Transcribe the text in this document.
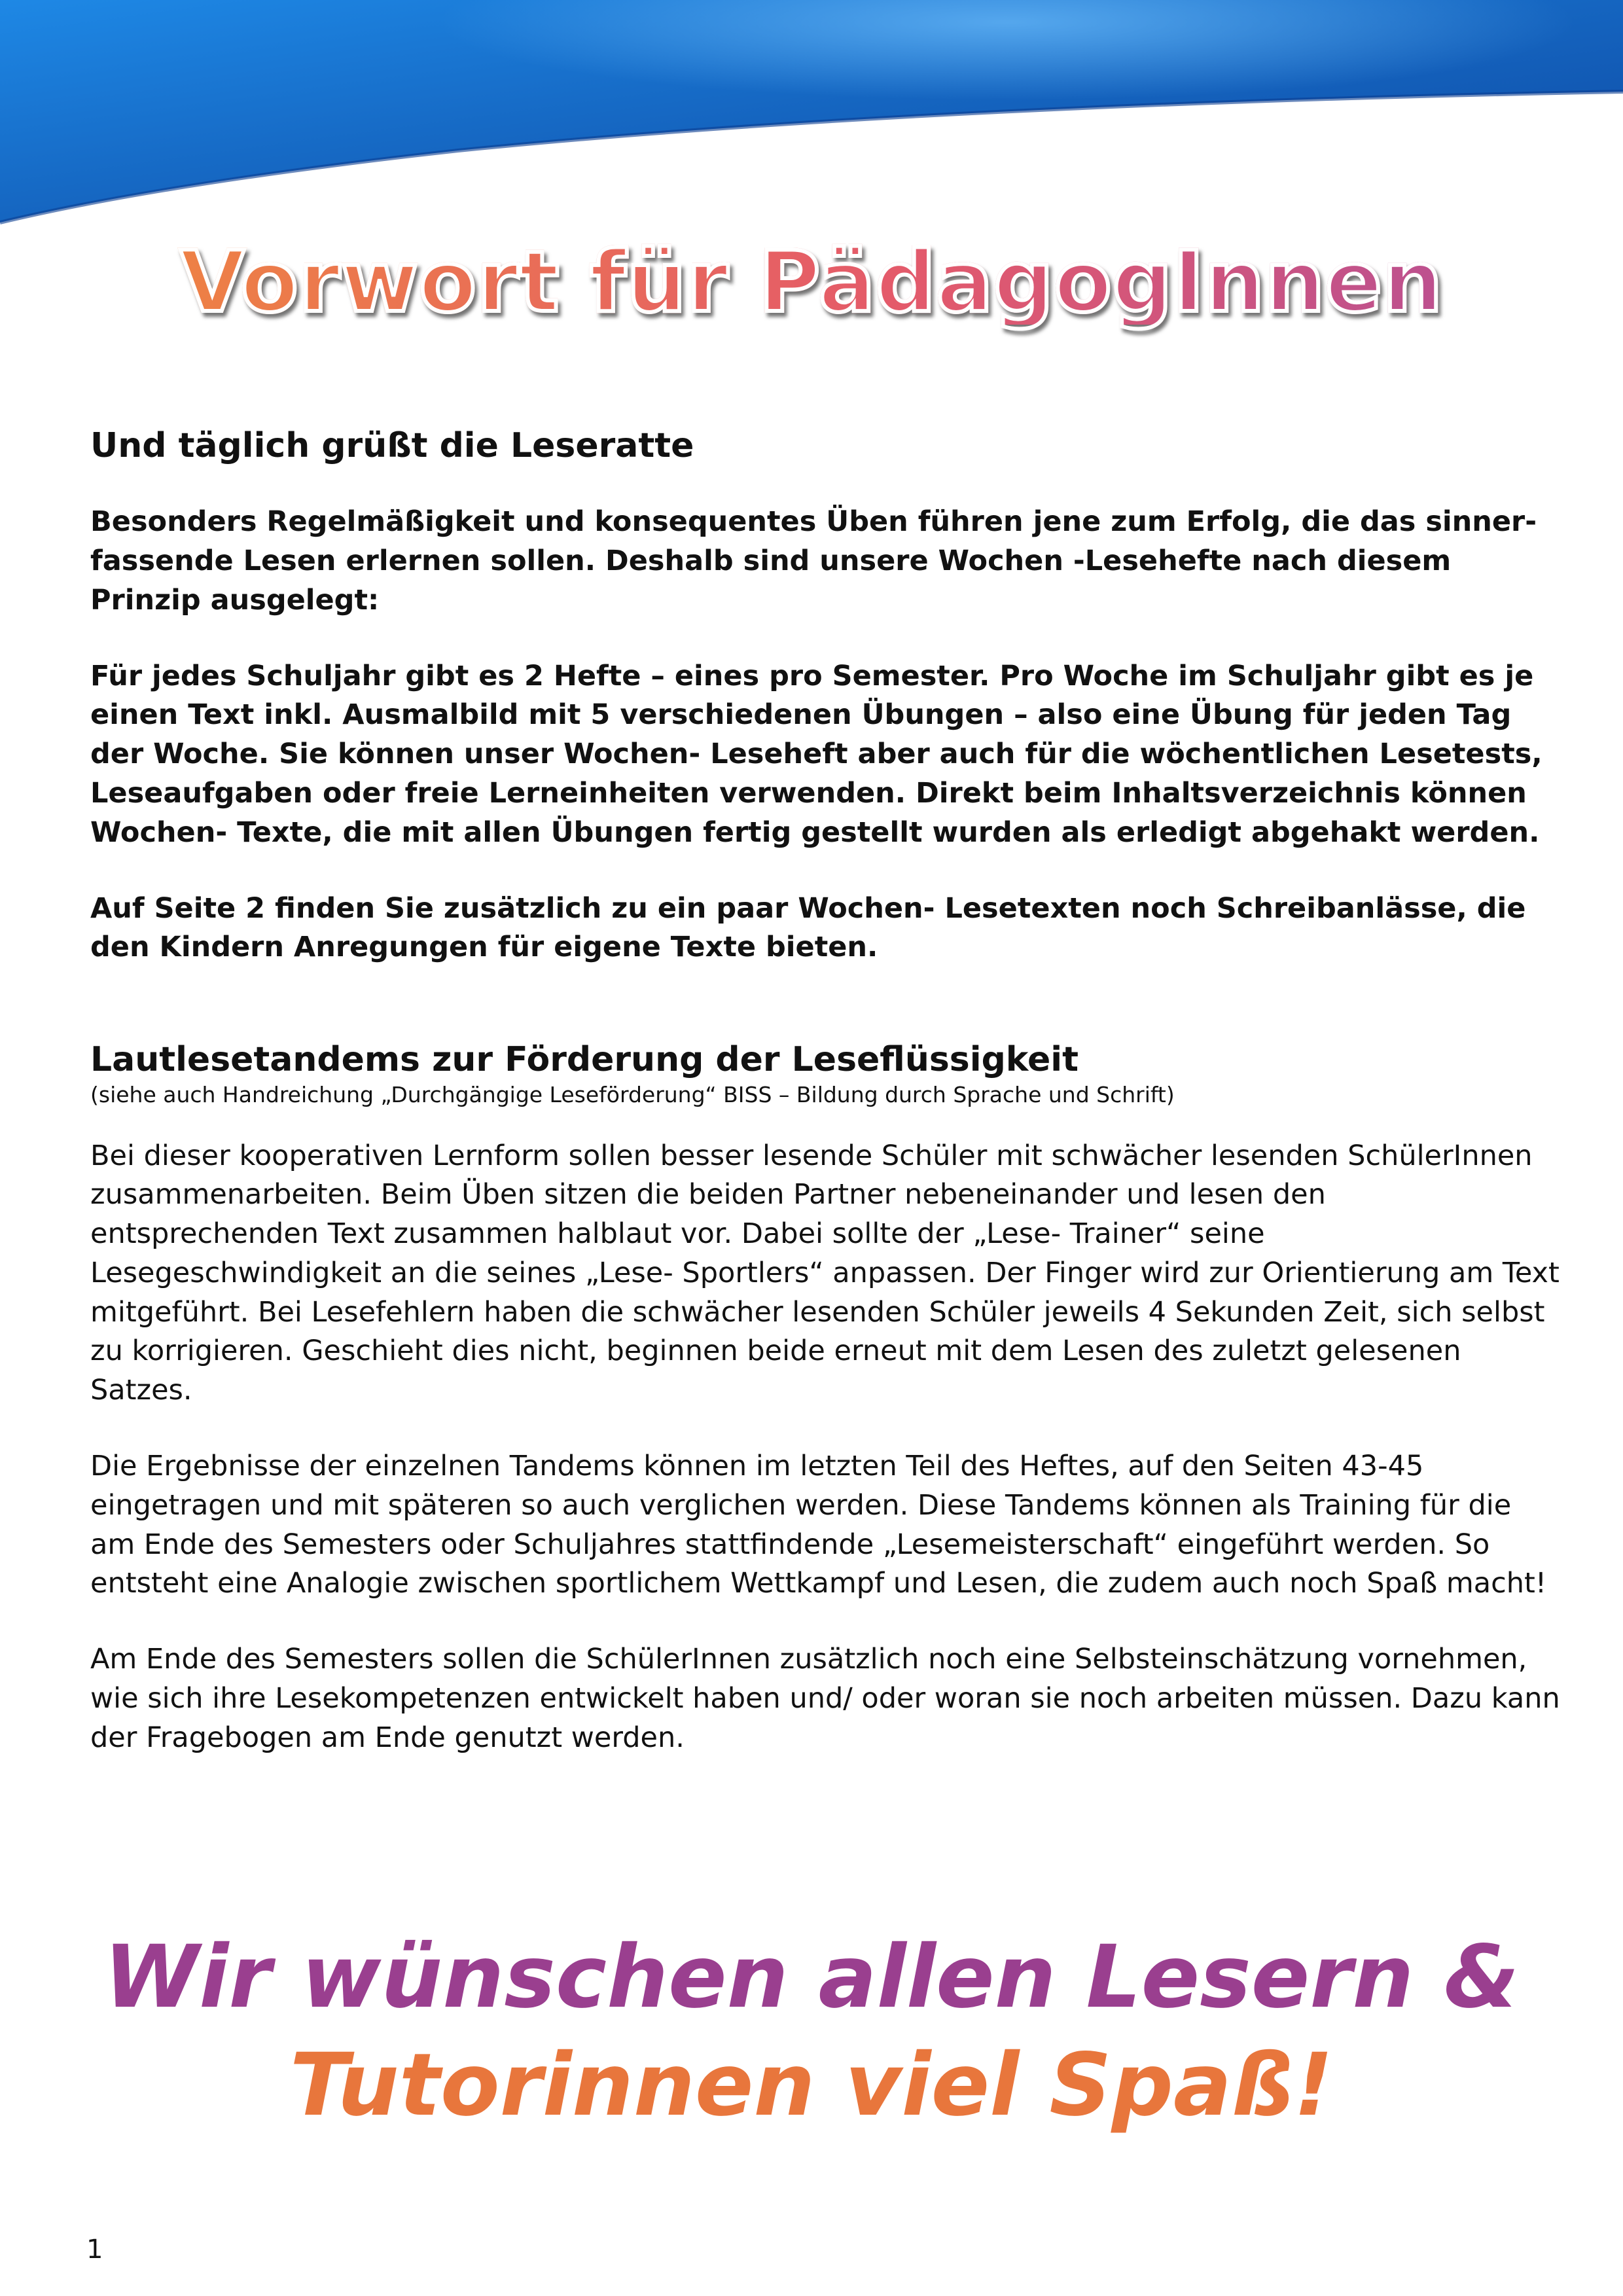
Vorwort für PädagogInnen
Und täglich grüßt die Leseratte

Besonders Regelmäßigkeit und konsequentes Üben führen jene zum Erfolg, die das sinner-fassende Lesen erlernen sollen. Deshalb sind unsere Wochen -Lesehefte nach diesem Prinzip ausgelegt:

Für jedes Schuljahr gibt es 2 Hefte – eines pro Semester. Pro Woche im Schuljahr gibt es je einen Text inkl. Ausmalbild mit 5 verschiedenen Übungen – also eine Übung für jeden Tag der Woche. Sie können unser Wochen- Leseheft aber auch für die wöchentlichen Lesetests, Leseaufgaben oder freie Lerneinheiten verwenden. Direkt beim Inhaltsverzeichnis können Wochen- Texte, die mit allen Übungen fertig gestellt wurden als erledigt abgehakt werden.

Auf Seite 2 finden Sie zusätzlich zu ein paar Wochen- Lesetexten noch Schreibanlässe, die den Kindern Anregungen für eigene Texte bieten.

Lautlesetandems zur Förderung der Leseflüssigkeit

(siehe auch Handreichung „Durchgängige Leseförderung“ BISS – Bildung durch Sprache und Schrift)

Bei dieser kooperativen Lernform sollen besser lesende Schüler mit schwächer lesenden SchülerInnen zusammenarbeiten. Beim Üben sitzen die beiden Partner nebeneinander und lesen den entsprechenden Text zusammen halblaut vor. Dabei sollte der „Lese- Trainer“ seine Lesegeschwindigkeit an die seines „Lese- Sportlers“ anpassen. Der Finger wird zur Orientierung am Text mitgeführt. Bei Lesefehlern haben die schwächer lesenden Schüler jeweils 4 Sekunden Zeit, sich selbst zu korrigieren. Geschieht dies nicht, beginnen beide erneut mit dem Lesen des zuletzt gelesenen Satzes.

Die Ergebnisse der einzelnen Tandems können im letzten Teil des Heftes, auf den Seiten 43-45 eingetragen und mit späteren so auch verglichen werden. Diese Tandems können als Training für die am Ende des Semesters oder Schuljahres stattfindende „Lesemeisterschaft“ eingeführt werden. So entsteht eine Analogie zwischen sportlichem Wettkampf und Lesen, die zudem auch noch Spaß macht!

Am Ende des Semesters sollen die SchülerInnen zusätzlich noch eine Selbsteinschätzung vornehmen, wie sich ihre Lesekompetenzen entwickelt haben und/ oder woran sie noch arbeiten müssen. Dazu kann der Fragebogen am Ende genutzt werden.

Wir wünschen allen Lesern &
Tutorinnen viel Spaß!
1
